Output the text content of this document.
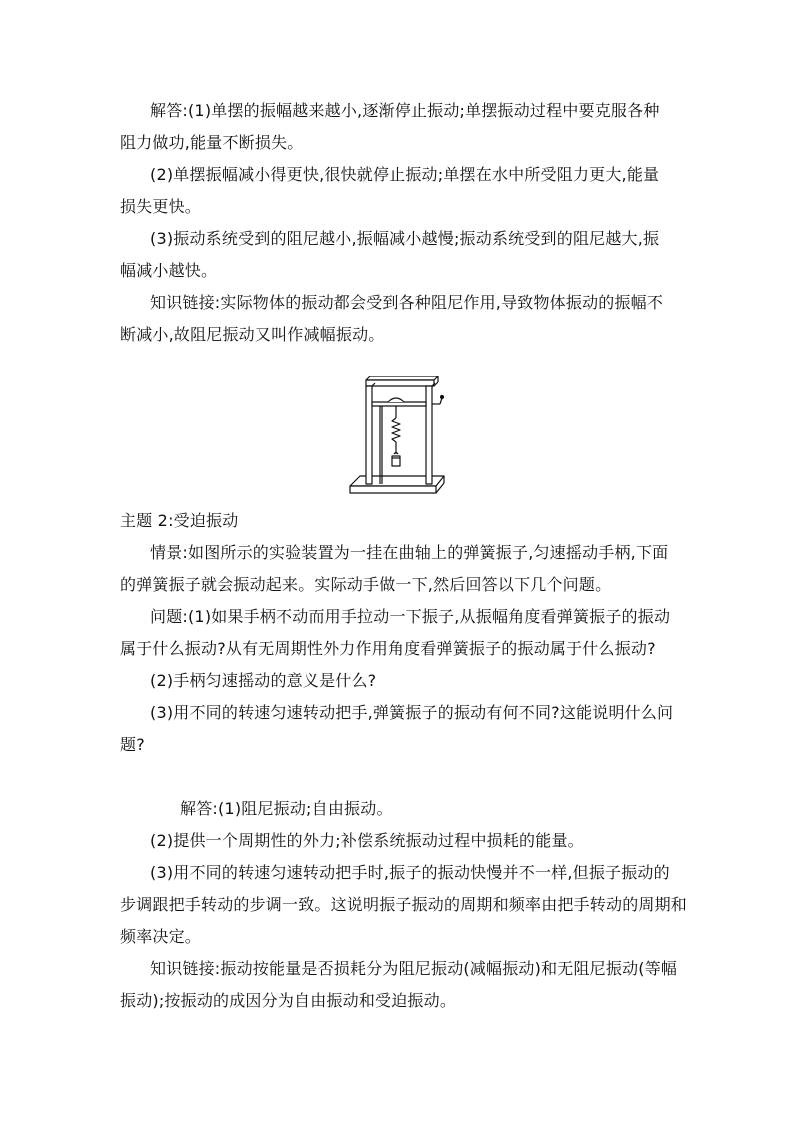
解答:(1)单摆的振幅越来越小,逐渐停止振动;单摆振动过程中要克服各种
阻力做功,能量不断损失。
(2)单摆振幅减小得更快,很快就停止振动;单摆在水中所受阻力更大,能量
损失更快。
(3)振动系统受到的阻尼越小,振幅减小越慢;振动系统受到的阻尼越大,振
幅减小越快。
知识链接:实际物体的振动都会受到各种阻尼作用,导致物体振动的振幅不
断减小,故阻尼振动又叫作减幅振动。
主题 2:受迫振动
情景:如图所示的实验装置为一挂在曲轴上的弹簧振子,匀速摇动手柄,下面
的弹簧振子就会振动起来。实际动手做一下,然后回答以下几个问题。
问题:(1)如果手柄不动而用手拉动一下振子,从振幅角度看弹簧振子的振动
属于什么振动?从有无周期性外力作用角度看弹簧振子的振动属于什么振动?
(2)手柄匀速摇动的意义是什么?
(3)用不同的转速匀速转动把手,弹簧振子的振动有何不同?这能说明什么问
题?
解答:(1)阻尼振动;自由振动。
(2)提供一个周期性的外力;补偿系统振动过程中损耗的能量。
(3)用不同的转速匀速转动把手时,振子的振动快慢并不一样,但振子振动的
步调跟把手转动的步调一致。这说明振子振动的周期和频率由把手转动的周期和
频率决定。
知识链接:振动按能量是否损耗分为阻尼振动(减幅振动)和无阻尼振动(等幅
振动);按振动的成因分为自由振动和受迫振动。
